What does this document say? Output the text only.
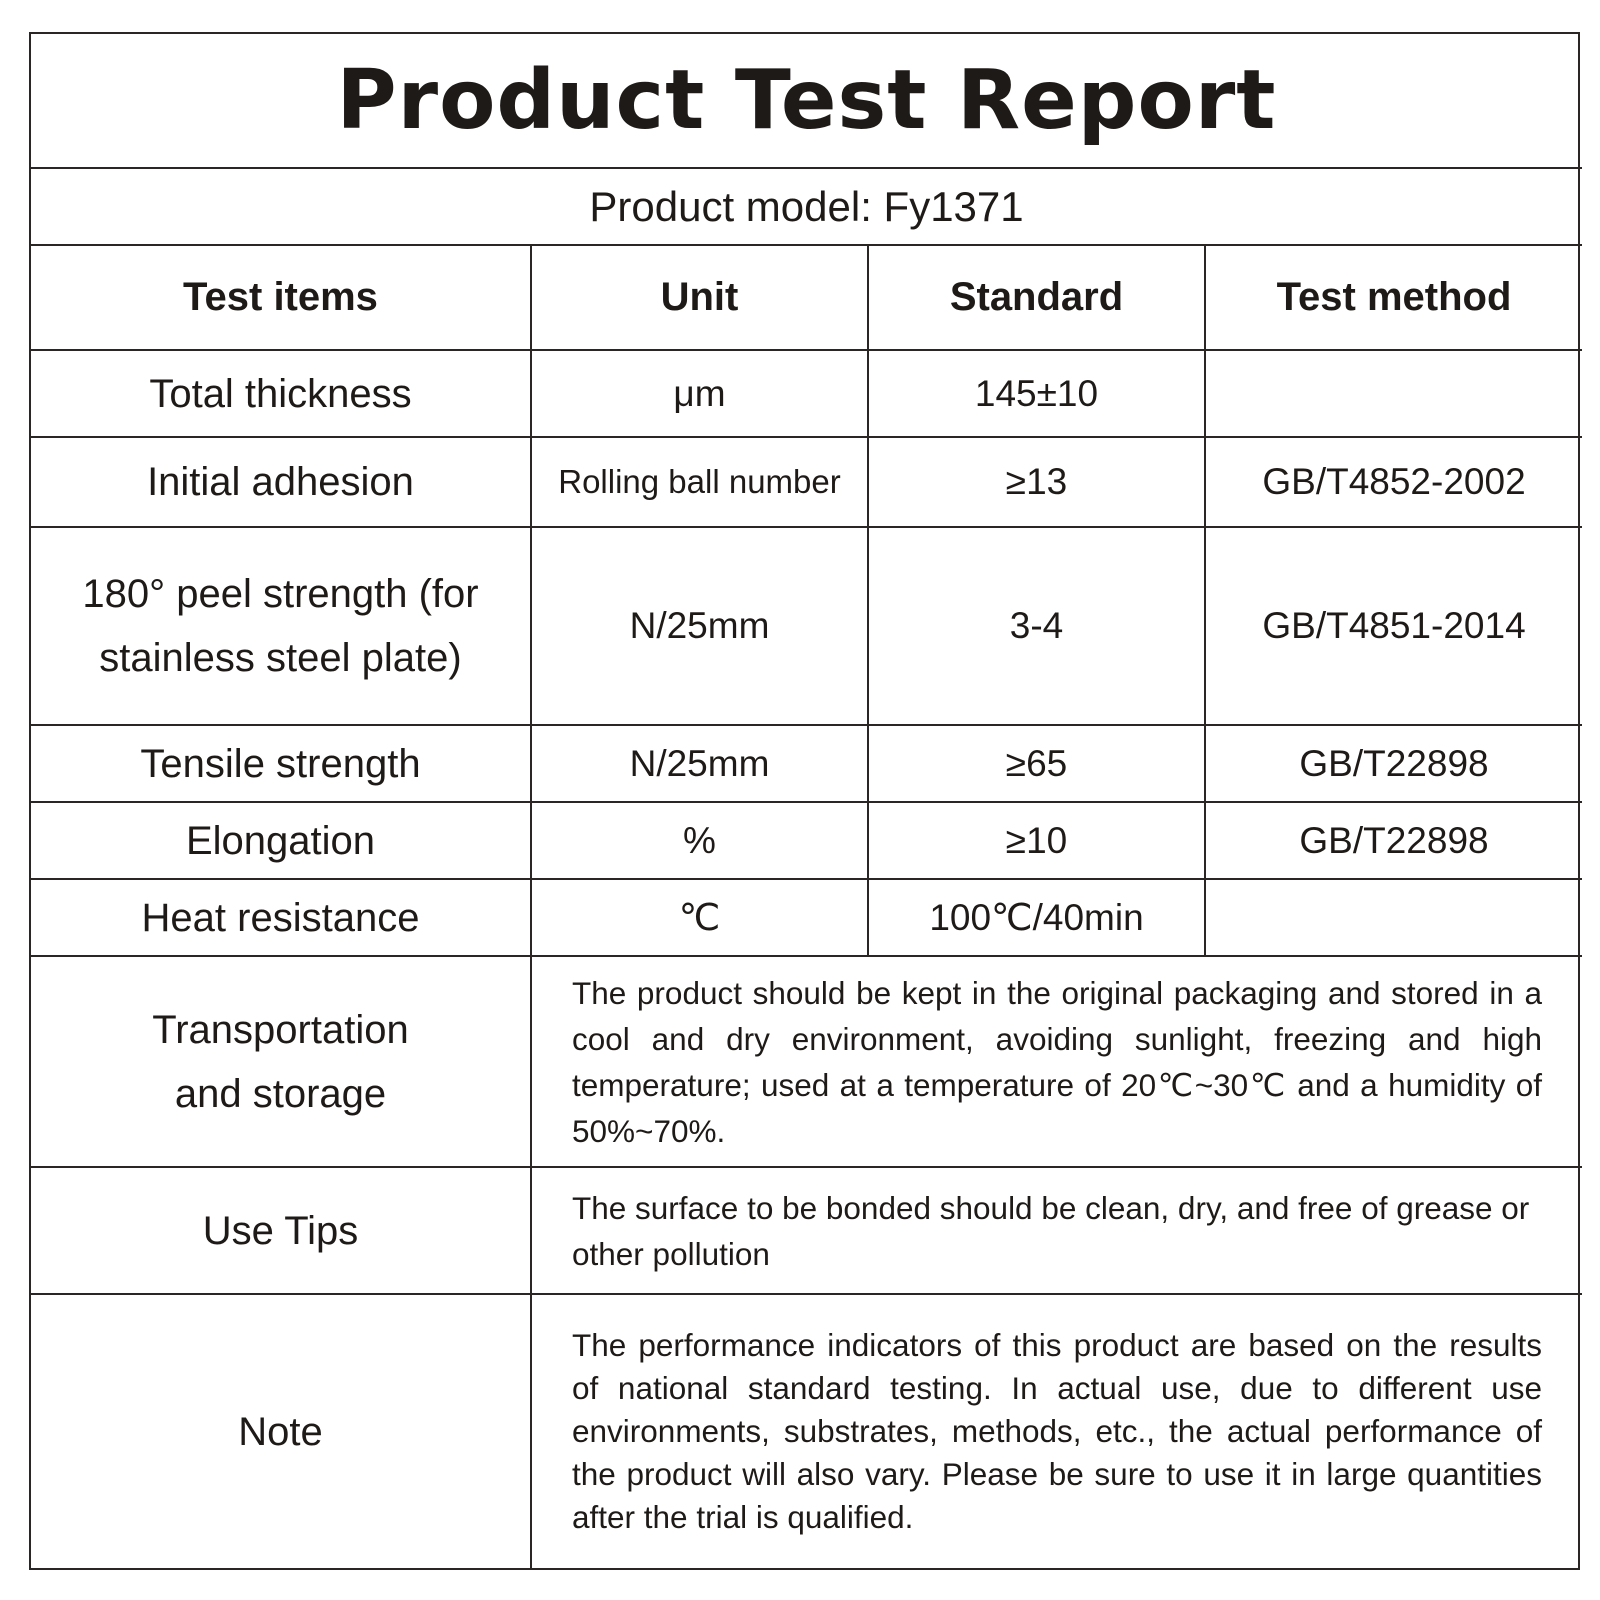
Product Test Report			
Product model: Fy1371			
Test items	Unit	Standard	Test method
Total thickness	μm	145±10	
Initial adhesion	Rolling ball number	≥13	GB/T4852-2002

180° peel strength (for
stainless steel plate)	N/25mm	3-4	GB/T4851-2014
Tensile strength	N/25mm	≥65	GB/T22898
Elongation	%	≥10	GB/T22898
Heat resistance	℃	100℃/40min	

Transportation
and storage	The product should be kept in the original packaging and stored in a cool and dry environment, avoiding sunlight, freezing and high temperature; used at a temperature of 20℃~30℃ and a humidity of 50%~70%.		

Use Tips	The surface to be bonded should be clean, dry, and free of grease or other pollution		

Note	The performance indicators of this product are based on the results of national standard testing. In actual use, due to different use environments, substrates, methods, etc., the actual performance of the product will also vary. Please be sure to use it in large quantities after the trial is qualified.		
